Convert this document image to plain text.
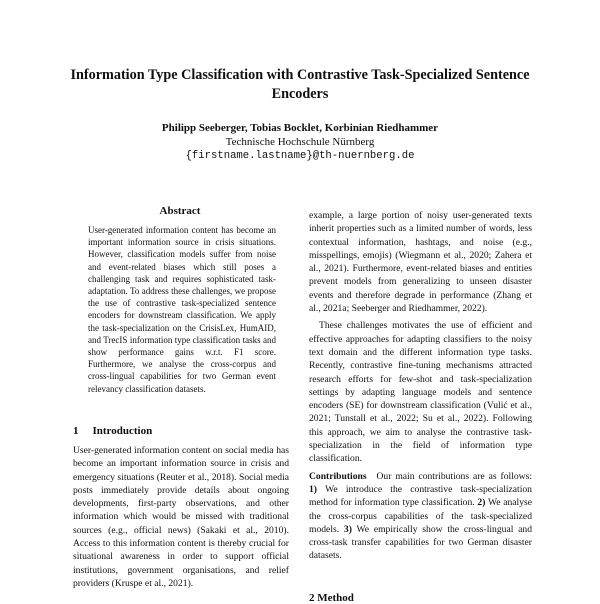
Information Type Classification with Contrastive Task-Specialized Sentence Encoders
Philipp Seeberger, Tobias Bocklet, Korbinian Riedhammer
Technische Hochschule Nürnberg
{firstname.lastname}@th-nuernberg.de
Abstract
User-generated information content has become an important information source in crisis situations. However, classification models suffer from noise and event-related biases which still poses a challenging task and requires sophisticated task-adaptation. To address these challenges, we propose the use of contrastive task-specialized sentence encoders for downstream classification. We apply the task-specialization on the CrisisLex, HumAID, and TrecIS information type classification tasks and show performance gains w.r.t. F1 score. Furthermore, we analyse the cross-corpus and cross-lingual capabilities for two German event relevancy classification datasets.
1 Introduction
User-generated information content on social media has become an important information source in crisis and emergency situations (Reuter et al., 2018). Social media posts immediately provide details about ongoing developments, first-party observations, and other information which would be missed with traditional sources (e.g., official news) (Sakaki et al., 2010). Access to this information content is thereby crucial for situational awareness in order to support official institutions, government organisations, and relief providers (Kruspe et al., 2021).

example, a large portion of noisy user-generated texts inherit properties such as a limited number of words, less contextual information, hashtags, and noise (e.g., misspellings, emojis) (Wiegmann et al., 2020; Zahera et al., 2021). Furthermore, event-related biases and entities prevent models from generalizing to unseen disaster events and therefore degrade in performance (Zhang et al., 2021a; Seeberger and Riedhammer, 2022).

These challenges motivates the use of efficient and effective approaches for adapting classifiers to the noisy text domain and the different information type tasks. Recently, contrastive fine-tuning mechanisms attracted research efforts for few-shot and task-specialization settings by adapting language models and sentence encoders (SE) for downstream classification (Vulić et al., 2021; Tunstall et al., 2022; Su et al., 2022). Following this approach, we aim to analyse the contrastive task-specialization in the field of information type classification.

Contributions Our main contributions are as follows: 1) We introduce the contrastive task-specialization method for information type classification. 2) We analyse the cross-corpus capabilities of the task-specialized models. 3) We empirically show the cross-lingual and cross-task transfer capabilities for two German disaster datasets.

2 Method
